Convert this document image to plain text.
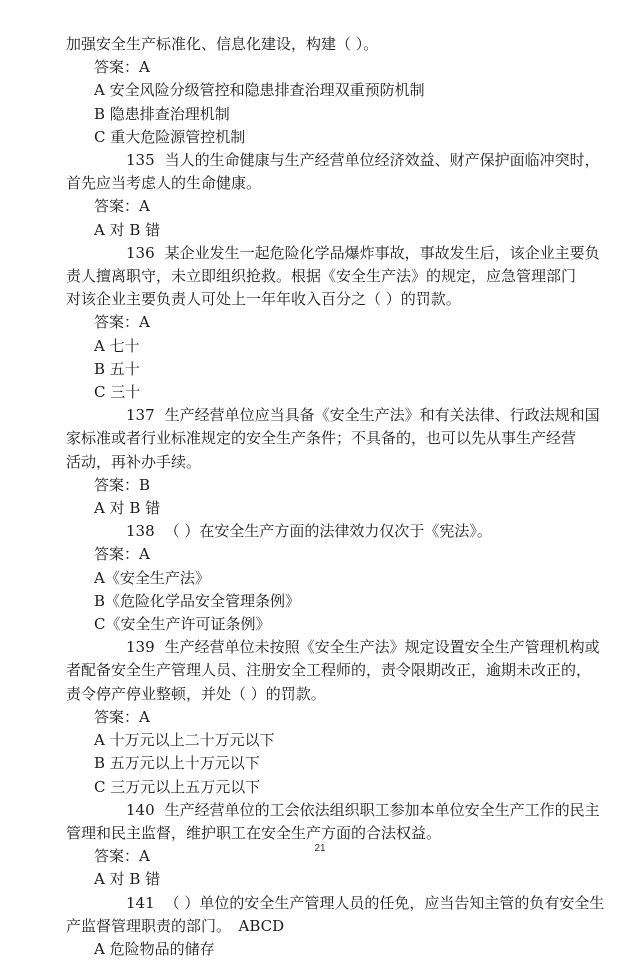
加强安全生产标准化、信息化建设，构建（ ）。
答案：A
A 安全风险分级管控和隐患排查治理双重预防机制
B 隐患排查治理机制
C 重大危险源管控机制
135 当人的生命健康与生产经营单位经济效益、财产保护面临冲突时，
首先应当考虑人的生命健康。
答案：A
A 对 B 错
136 某企业发生一起危险化学品爆炸事故，事故发生后，该企业主要负
责人擅离职守，未立即组织抢救。根据《安全生产法》的规定，应急管理部门
对该企业主要负责人可处上一年年收入百分之（ ）的罚款。
答案：A
A 七十
B 五十
C 三十
137 生产经营单位应当具备《安全生产法》和有关法律、行政法规和国
家标准或者行业标准规定的安全生产条件；不具备的，也可以先从事生产经营
活动，再补办手续。
答案：B
A 对 B 错
138 （ ）在安全生产方面的法律效力仅次于《宪法》。
答案：A
A《安全生产法》
B《危险化学品安全管理条例》
C《安全生产许可证条例》
139 生产经营单位未按照《安全生产法》规定设置安全生产管理机构或
者配备安全生产管理人员、注册安全工程师的，责令限期改正，逾期未改正的，
责令停产停业整顿，并处（ ）的罚款。
答案：A
A 十万元以上二十万元以下
B 五万元以上十万元以下
C 三万元以上五万元以下
140 生产经营单位的工会依法组织职工参加本单位安全生产工作的民主
管理和民主监督，维护职工在安全生产方面的合法权益。
答案：A
A 对 B 错
141 （ ）单位的安全生产管理人员的任免，应当告知主管的负有安全生
产监督管理职责的部门。　ABCD
A 危险物品的储存
21
